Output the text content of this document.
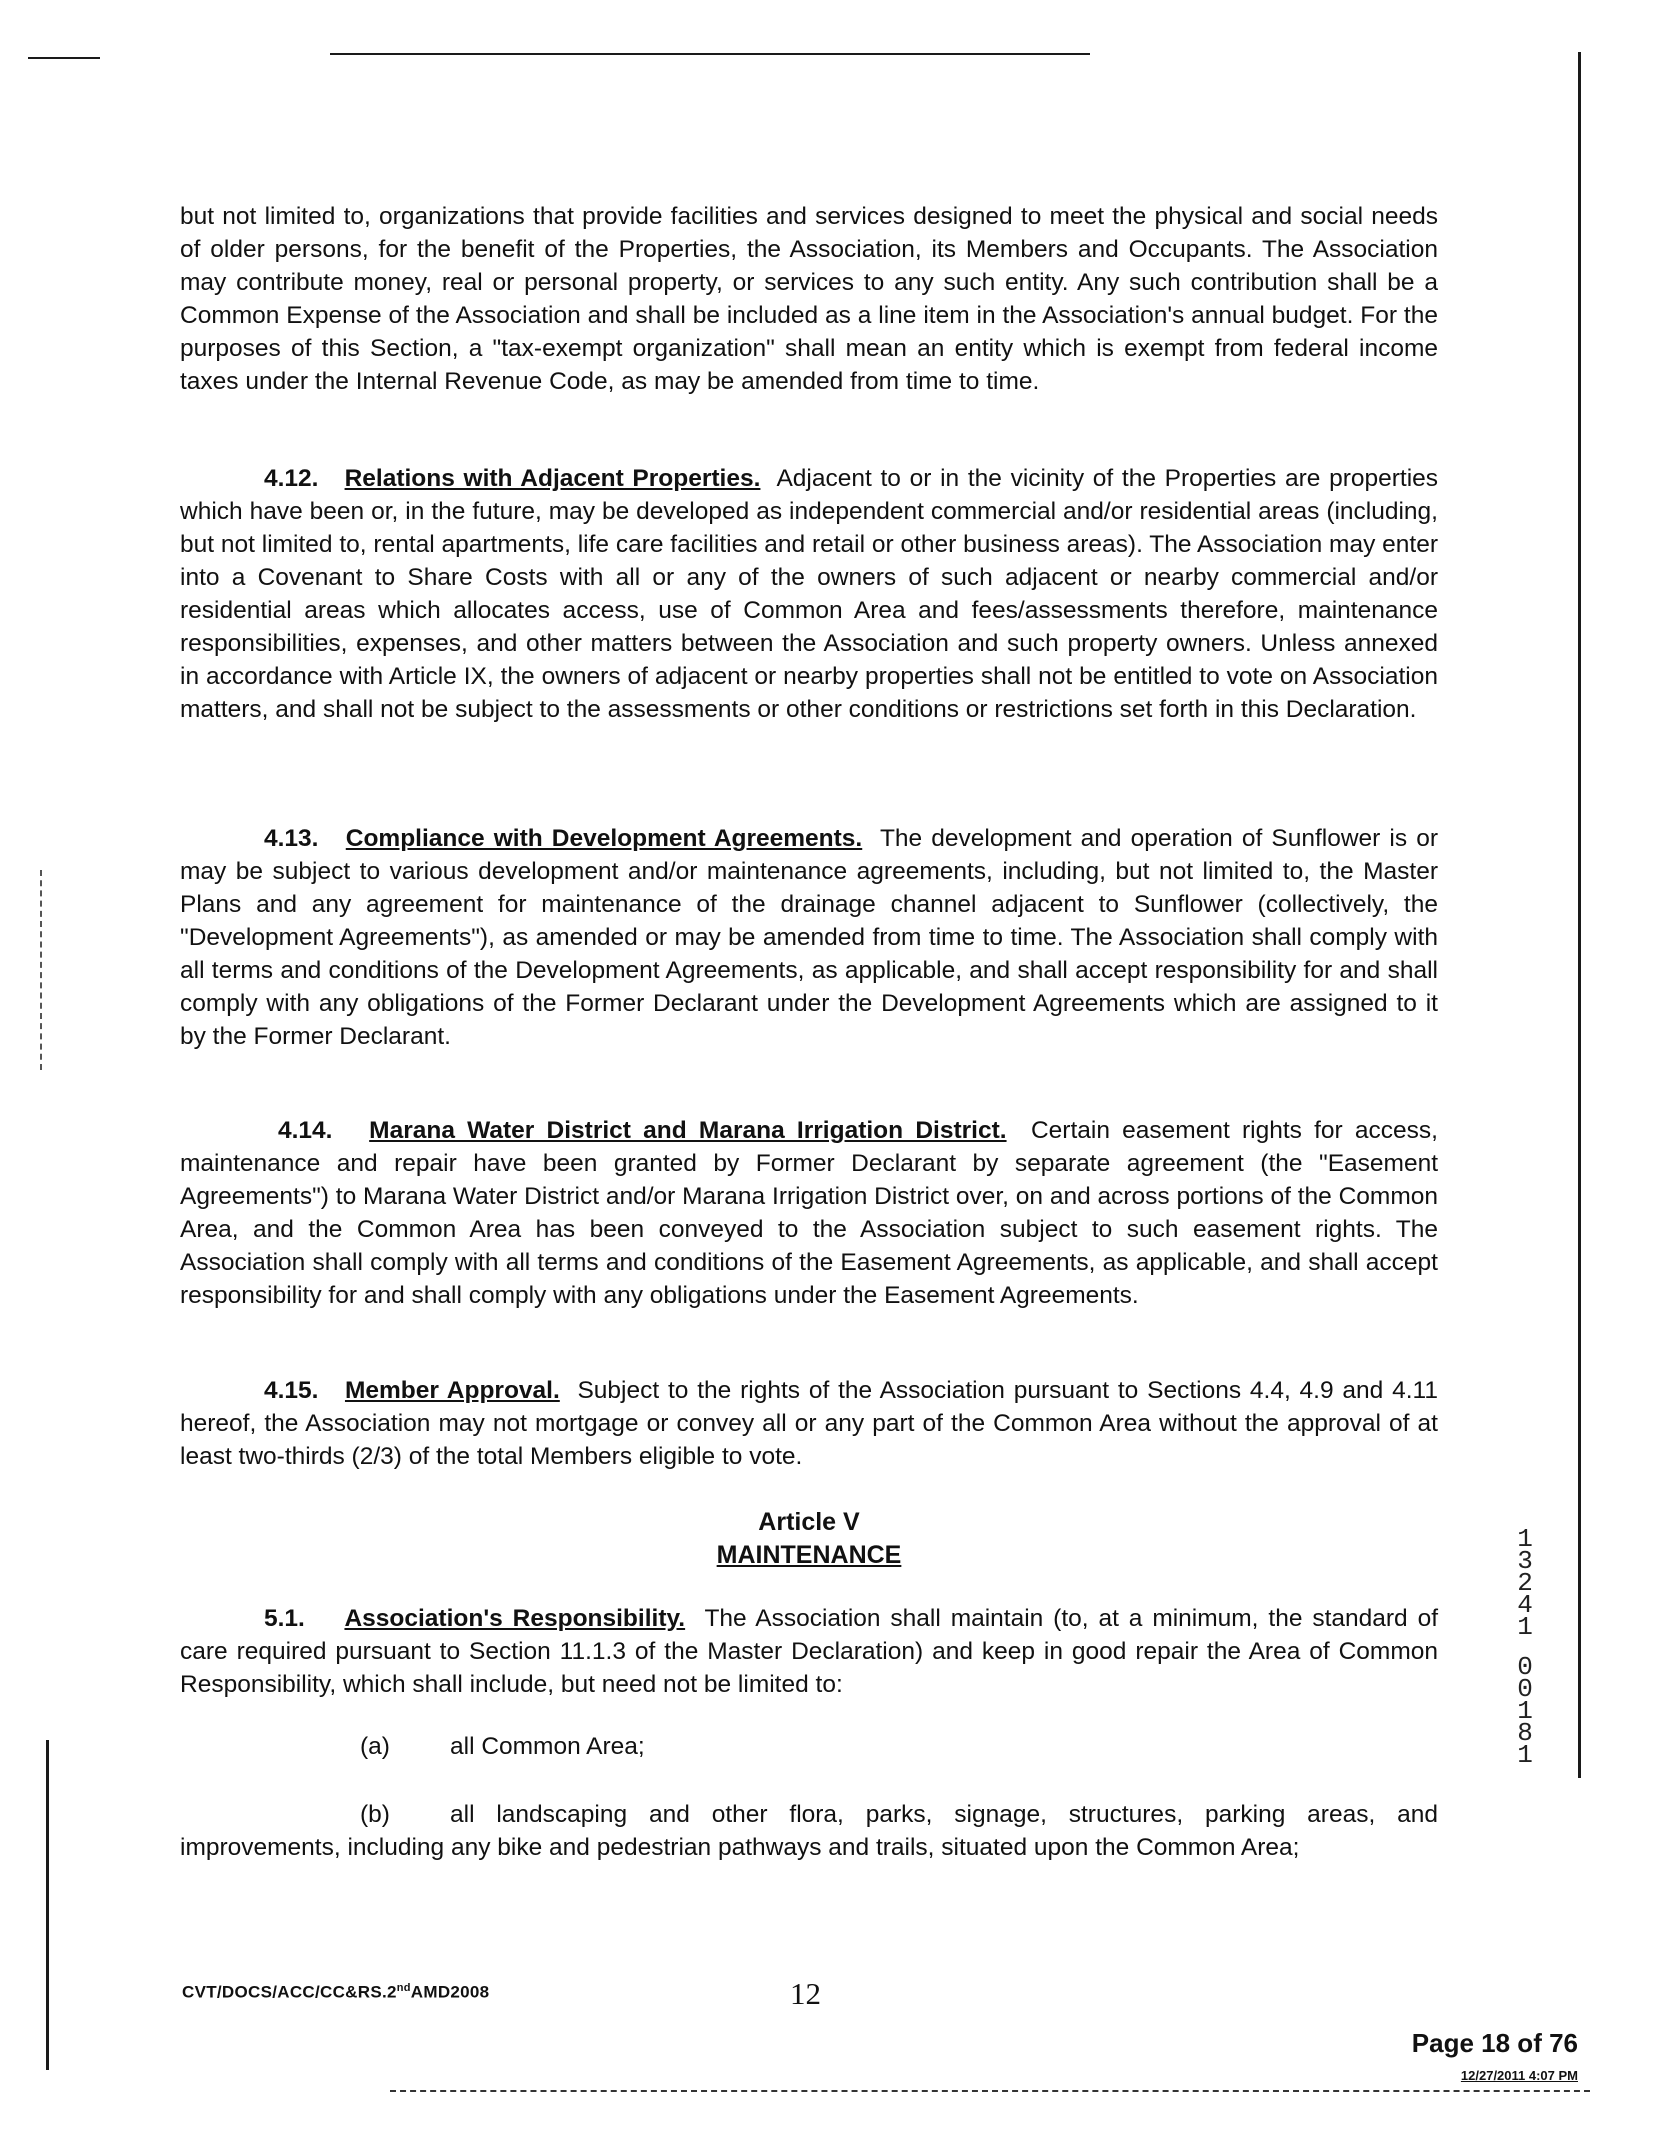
but not limited to, organizations that provide facilities and services designed to meet the physical and social needs of older persons, for the benefit of the Properties, the Association, its Members and Occupants. The Association may contribute money, real or personal property, or services to any such entity. Any such contribution shall be a Common Expense of the Association and shall be included as a line item in the Association's annual budget. For the purposes of this Section, a "tax-exempt organization" shall mean an entity which is exempt from federal income taxes under the Internal Revenue Code, as may be amended from time to time.
4.12. Relations with Adjacent Properties. Adjacent to or in the vicinity of the Properties are properties which have been or, in the future, may be developed as independent commercial and/or residential areas (including, but not limited to, rental apartments, life care facilities and retail or other business areas). The Association may enter into a Covenant to Share Costs with all or any of the owners of such adjacent or nearby commercial and/or residential areas which allocates access, use of Common Area and fees/assessments therefore, maintenance responsibilities, expenses, and other matters between the Association and such property owners. Unless annexed in accordance with Article IX, the owners of adjacent or nearby properties shall not be entitled to vote on Association matters, and shall not be subject to the assessments or other conditions or restrictions set forth in this Declaration.
4.13. Compliance with Development Agreements. The development and operation of Sunflower is or may be subject to various development and/or maintenance agreements, including, but not limited to, the Master Plans and any agreement for maintenance of the drainage channel adjacent to Sunflower (collectively, the "Development Agreements"), as amended or may be amended from time to time. The Association shall comply with all terms and conditions of the Development Agreements, as applicable, and shall accept responsibility for and shall comply with any obligations of the Former Declarant under the Development Agreements which are assigned to it by the Former Declarant.
4.14. Marana Water District and Marana Irrigation District. Certain easement rights for access, maintenance and repair have been granted by Former Declarant by separate agreement (the "Easement Agreements") to Marana Water District and/or Marana Irrigation District over, on and across portions of the Common Area, and the Common Area has been conveyed to the Association subject to such easement rights. The Association shall comply with all terms and conditions of the Easement Agreements, as applicable, and shall accept responsibility for and shall comply with any obligations under the Easement Agreements.
4.15. Member Approval. Subject to the rights of the Association pursuant to Sections 4.4, 4.9 and 4.11 hereof, the Association may not mortgage or convey all or any part of the Common Area without the approval of at least two-thirds (2/3) of the total Members eligible to vote.
Article V
MAINTENANCE
5.1. Association's Responsibility. The Association shall maintain (to, at a minimum, the standard of care required pursuant to Section 11.1.3 of the Master Declaration) and keep in good repair the Area of Common Responsibility, which shall include, but need not be limited to:
(a) all Common Area;
(b) all landscaping and other flora, parks, signage, structures, parking areas, and improvements, including any bike and pedestrian pathways and trails, situated upon the Common Area;
CVT/DOCS/ACC/CC&RS.2ndAMD2008	12
Page 18 of 76
12/27/2011 4:07 PM
1
3
2
4
1
0
0
1
8
1
